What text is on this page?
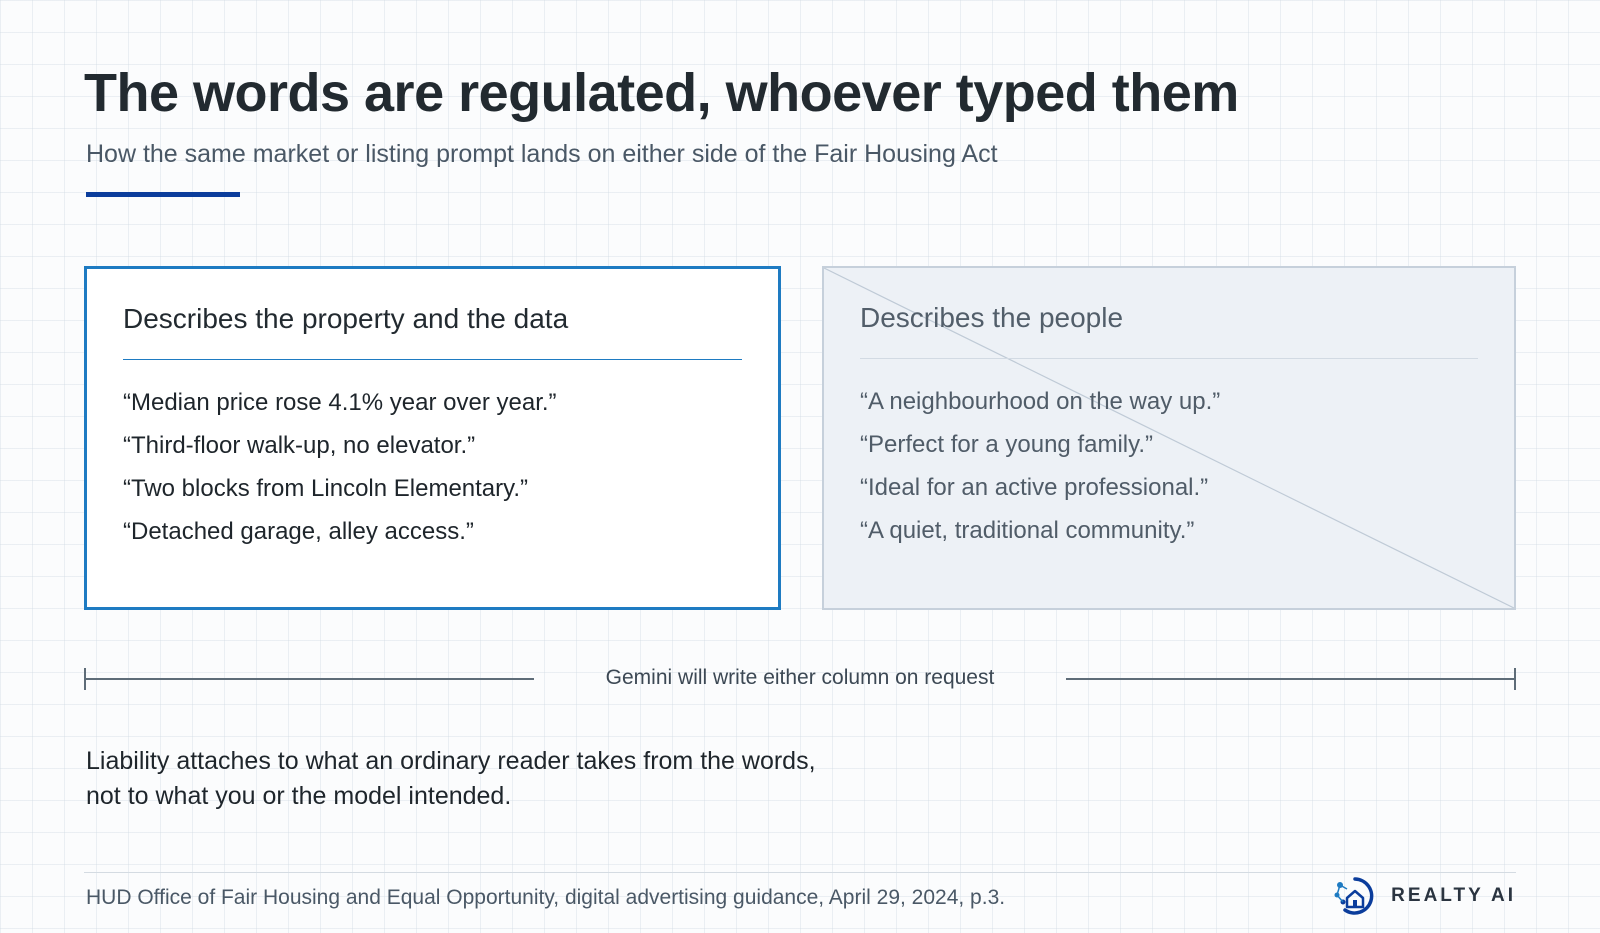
The words are regulated, whoever typed them

How the same market or listing prompt lands on either side of the Fair Housing Act

Describes the property and the data
“Median price rose 4.1% year over year.”
“Third-floor walk-up, no elevator.”
“Two blocks from Lincoln Elementary.”
“Detached garage, alley access.”
Describes the people
“A neighbourhood on the way up.”
“Perfect for a young family.”
“Ideal for an active professional.”
“A quiet, traditional community.”
Gemini will write either column on request

Liability attaches to what an ordinary reader takes from the words,
not to what you or the model intended.

HUD Office of Fair Housing and Equal Opportunity, digital advertising guidance, April 29, 2024, p.3.	REALTY AI
